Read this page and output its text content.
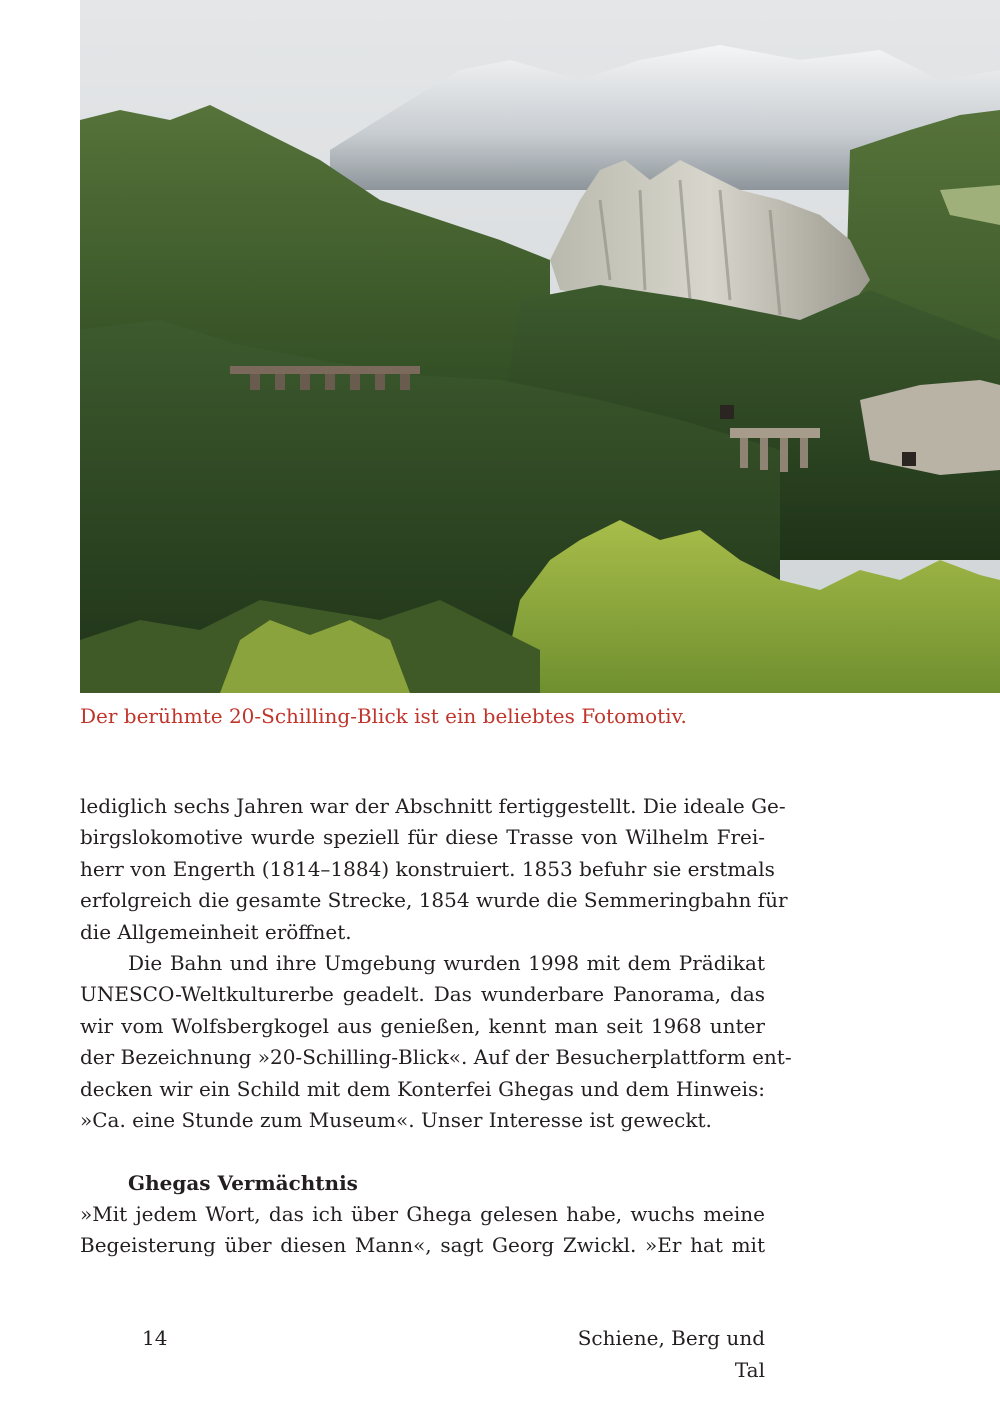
Der berühmte 20-Schilling-Blick ist ein beliebtes Fotomotiv.
lediglich sechs Jahren war der Abschnitt fertiggestellt. Die ideale Ge-
birgslokomotive wurde speziell für diese Trasse von Wilhelm Frei-
herr von Engerth (1814–1884) konstruiert. 1853 befuhr sie erstmals
erfolgreich die gesamte Strecke, 1854 wurde die Semmeringbahn für
die Allgemeinheit eröffnet.
Die Bahn und ihre Umgebung wurden 1998 mit dem Prädikat
UNESCO-Weltkulturerbe geadelt. Das wunderbare Panorama, das
wir vom Wolfsbergkogel aus genießen, kennt man seit 1968 unter
der Bezeichnung »20-Schilling-Blick«. Auf der Besucherplattform ent-
decken wir ein Schild mit dem Konterfei Ghegas und dem Hinweis:
»Ca. eine Stunde zum Museum«. Unser Interesse ist geweckt.
Ghegas Vermächtnis
»Mit jedem Wort, das ich über Ghega gelesen habe, wuchs meine
Begeisterung über diesen Mann«, sagt Georg Zwickl. »Er hat mit
14	Schiene, Berg und Tal
